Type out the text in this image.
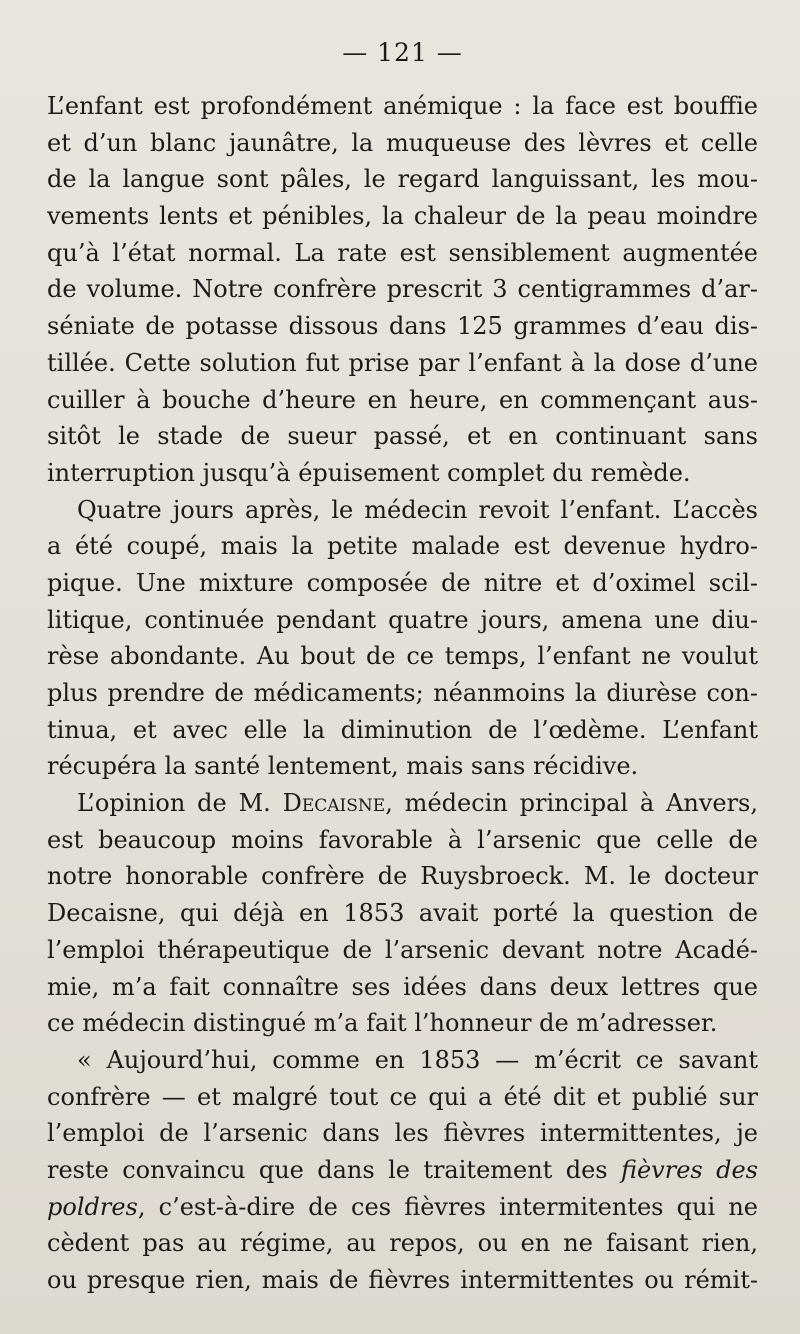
— 121 —
L’enfant est profondément anémique : la face est bouffie
et d’un blanc jaunâtre, la muqueuse des lèvres et celle
de la langue sont pâles, le regard languissant, les mou-
vements lents et pénibles, la chaleur de la peau moindre
qu’à l’état normal. La rate est sensiblement augmentée
de volume. Notre confrère prescrit 3 centigrammes d’ar-
séniate de potasse dissous dans 125 grammes d’eau dis-
tillée. Cette solution fut prise par l’enfant à la dose d’une
cuiller à bouche d’heure en heure, en commençant aus-
sitôt le stade de sueur passé, et en continuant sans
interruption jusqu’à épuisement complet du remède.
Quatre jours après, le médecin revoit l’enfant. L’accès
a été coupé, mais la petite malade est devenue hydro-
pique. Une mixture composée de nitre et d’oximel scil-
litique, continuée pendant quatre jours, amena une diu-
rèse abondante. Au bout de ce temps, l’enfant ne voulut
plus prendre de médicaments; néanmoins la diurèse con-
tinua, et avec elle la diminution de l’œdème. L’enfant
récupéra la santé lentement, mais sans récidive.
L’opinion de M. Decaisne, médecin principal à Anvers,
est beaucoup moins favorable à l’arsenic que celle de
notre honorable confrère de Ruysbroeck. M. le docteur
Decaisne, qui déjà en 1853 avait porté la question de
l’emploi thérapeutique de l’arsenic devant notre Acadé-
mie, m’a fait connaître ses idées dans deux lettres que
ce médecin distingué m’a fait l’honneur de m’adresser.
« Aujourd’hui, comme en 1853 — m’écrit ce savant
confrère — et malgré tout ce qui a été dit et publié sur
l’emploi de l’arsenic dans les fièvres intermittentes, je
reste convaincu que dans le traitement des fièvres des
poldres, c’est-à-dire de ces fièvres intermitentes qui ne
cèdent pas au régime, au repos, ou en ne faisant rien,
ou presque rien, mais de fièvres intermittentes ou rémit-
